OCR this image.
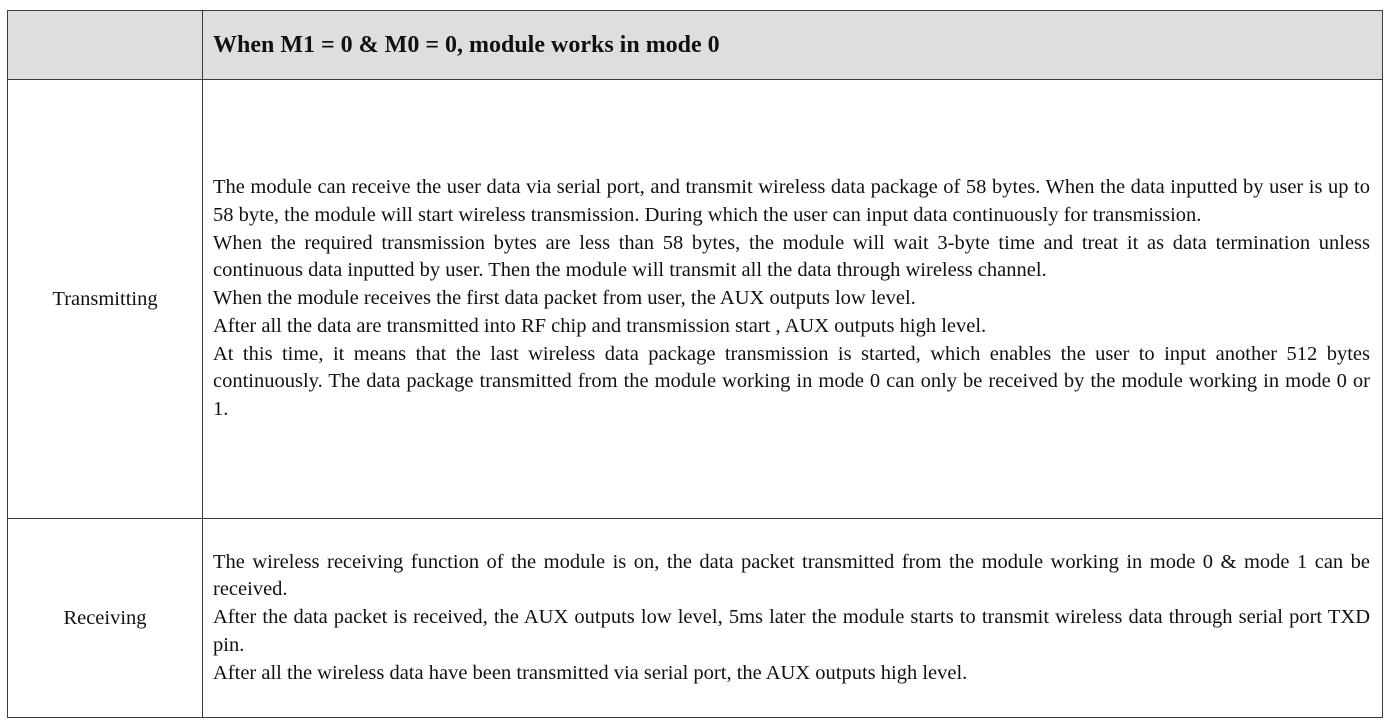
	When M1 = 0 & M0 = 0, module works in mode 0
Transmitting	The module can receive the user data via serial port, and transmit wireless data package of 58 bytes. When the data inputted by user is up to 58 byte, the module will start wireless transmission. During which the user can input data continuously for transmission.

When the required transmission bytes are less than 58 bytes, the module will wait 3-byte time and treat it as data termination unless continuous data inputted by user. Then the module will transmit all the data through wireless channel.

When the module receives the first data packet from user, the AUX outputs low level.

After all the data are transmitted into RF chip and transmission start , AUX outputs high level.

At this time, it means that the last wireless data package transmission is started, which enables the user to input another 512 bytes continuously. The data package transmitted from the module working in mode 0 can only be received by the module working in mode 0 or 1.

Receiving	The wireless receiving function of the module is on, the data packet transmitted from the module working in mode 0 & mode 1 can be received.

After the data packet is received, the AUX outputs low level, 5ms later the module starts to transmit wireless data through serial port TXD pin.

After all the wireless data have been transmitted via serial port, the AUX outputs high level.
